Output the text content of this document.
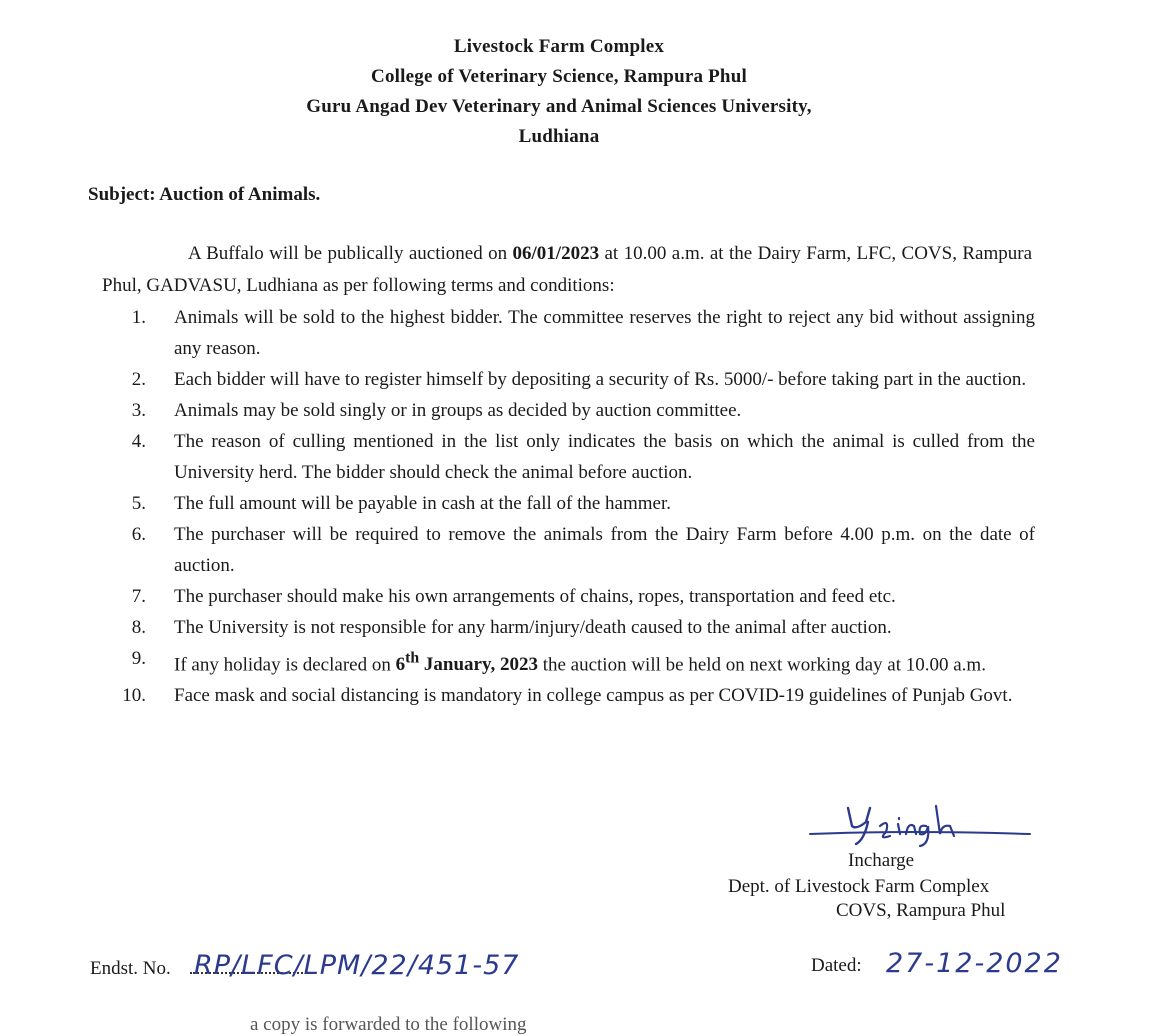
Livestock Farm Complex
College of Veterinary Science, Rampura Phul
Guru Angad Dev Veterinary and Animal Sciences University,
Ludhiana
Subject: Auction of Animals.
A Buffalo will be publically auctioned on 06/01/2023 at 10.00 a.m. at the Dairy Farm, LFC, COVS, Rampura Phul, GADVASU, Ludhiana as per following terms and conditions:
1. Animals will be sold to the highest bidder. The committee reserves the right to reject any bid without assigning any reason.
2. Each bidder will have to register himself by depositing a security of Rs. 5000/- before taking part in the auction.
3. Animals may be sold singly or in groups as decided by auction committee.
4. The reason of culling mentioned in the list only indicates the basis on which the animal is culled from the University herd. The bidder should check the animal before auction.
5. The full amount will be payable in cash at the fall of the hammer.
6. The purchaser will be required to remove the animals from the Dairy Farm before 4.00 p.m. on the date of auction.
7. The purchaser should make his own arrangements of chains, ropes, transportation and feed etc.
8. The University is not responsible for any harm/injury/death caused to the animal after auction.
9. If any holiday is declared on 6th January, 2023 the auction will be held on next working day at 10.00 a.m.
10. Face mask and social distancing is mandatory in college campus as per COVID-19 guidelines of Punjab Govt.
Incharge
Dept. of Livestock Farm Complex
COVS, Rampura Phul
Endst. No. RP/LFC/LPM/22/451-57	Dated: 27-12-2022
a copy is forwarded to the following
